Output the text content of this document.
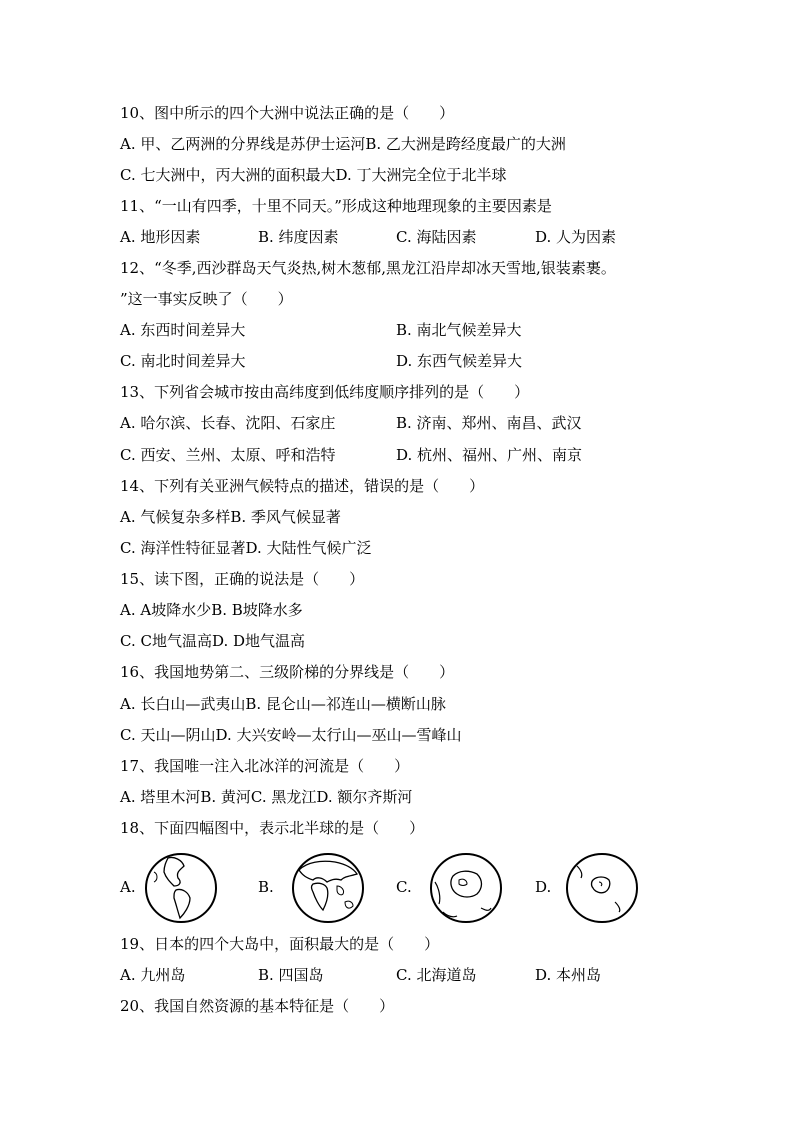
10、图中所示的四个大洲中说法正确的是（　　）
A. 甲、乙两洲的分界线是苏伊士运河B. 乙大洲是跨经度最广的大洲
C. 七大洲中，丙大洲的面积最大D. 丁大洲完全位于北半球
11、“一山有四季，十里不同天。”形成这种地理现象的主要因素是
A. 地形因素	B. 纬度因素	C. 海陆因素	D. 人为因素
12、“冬季,西沙群岛天气炎热,树木葱郁,黑龙江沿岸却冰天雪地,银装素裹。
”这一事实反映了（　　）
A. 东西时间差异大	B. 南北气候差异大
C. 南北时间差异大	D. 东西气候差异大
13、下列省会城市按由高纬度到低纬度顺序排列的是（　　）
A. 哈尔滨、长春、沈阳、石家庄	B. 济南、郑州、南昌、武汉
C. 西安、兰州、太原、呼和浩特	D. 杭州、福州、广州、南京
14、下列有关亚洲气候特点的描述，错误的是（　　）
A. 气候复杂多样B. 季风气候显著
C. 海洋性特征显著D. 大陆性气候广泛
15、读下图，正确的说法是（　　）
A. A坡降水少B. B坡降水多
C. C地气温高D. D地气温高
16、我国地势第二、三级阶梯的分界线是（　　）
A. 长白山—武夷山B. 昆仑山—祁连山—横断山脉
C. 天山—阴山D. 大兴安岭—太行山—巫山—雪峰山
17、我国唯一注入北冰洋的河流是（　　）
A. 塔里木河B. 黄河C. 黑龙江D. 额尔齐斯河
18、下面四幅图中，表示北半球的是（　　）
A.	B.	C.	D.
19、日本的四个大岛中，面积最大的是（　　）
A. 九州岛	B. 四国岛	C. 北海道岛	D. 本州岛
20、我国自然资源的基本特征是（　　）
